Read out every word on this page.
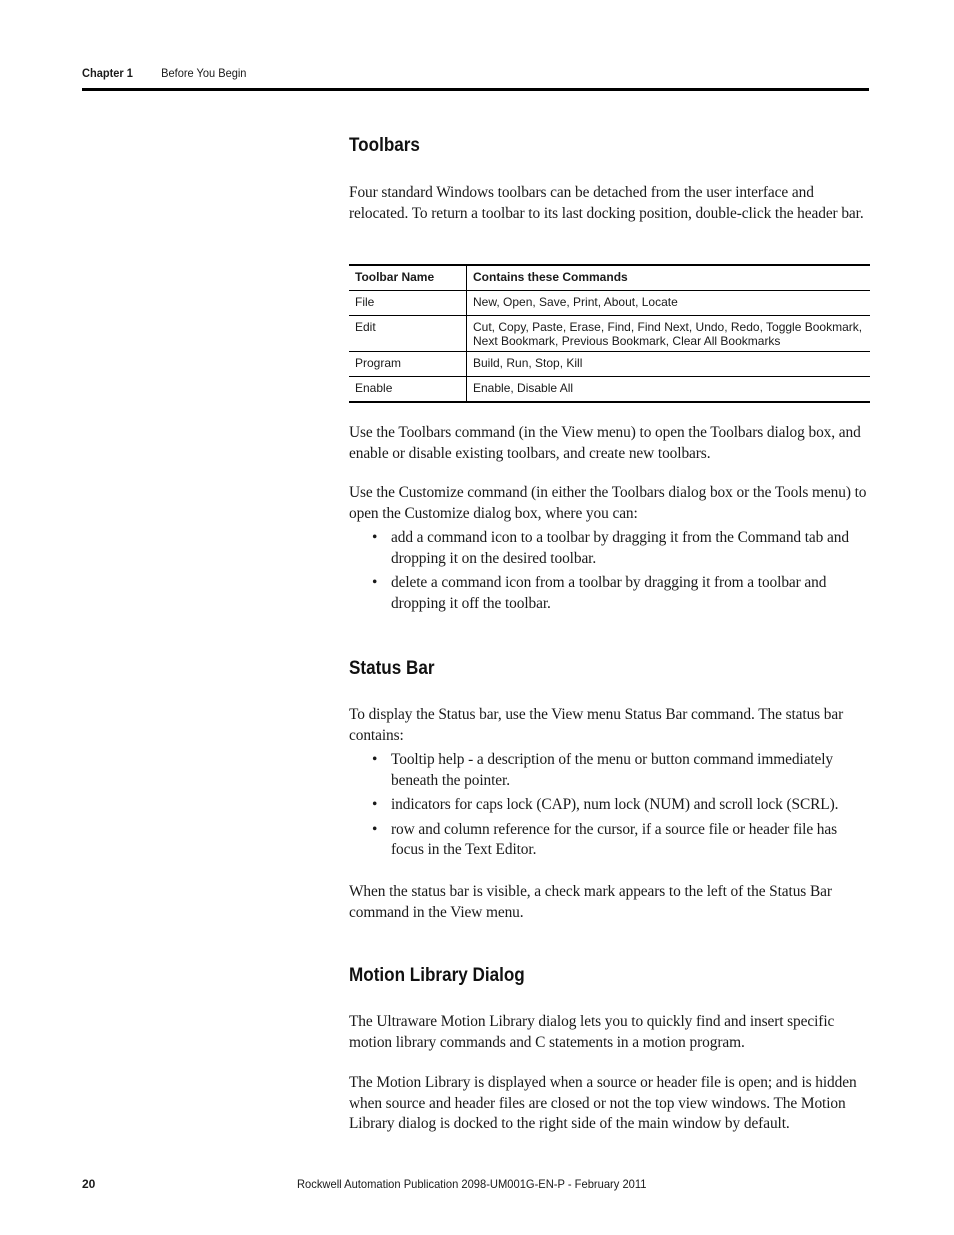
Chapter 1 Before You Begin
Toolbars

Four standard Windows toolbars can be detached from the user interface and relocated. To return a toolbar to its last docking position, double-click the header bar.

Use the Toolbars command (in the View menu) to open the Toolbars dialog box, and enable or disable existing toolbars, and create new toolbars.

Use the Customize command (in either the Toolbars dialog box or the Tools menu) to open the Customize dialog box, where you can:

• add a command icon to a toolbar by dragging it from the Command tab and dropping it on the desired toolbar.
• delete a command icon from a toolbar by dragging it from a toolbar and dropping it off the toolbar.
Status Bar

To display the Status bar, use the View menu Status Bar command. The status bar contains:

• Tooltip help - a description of the menu or button command immediately beneath the pointer.
• indicators for caps lock (CAP), num lock (NUM) and scroll lock (SCRL).
• row and column reference for the cursor, if a source file or header file has focus in the Text Editor.

When the status bar is visible, a check mark appears to the left of the Status Bar command in the View menu.

Motion Library Dialog

The Ultraware Motion Library dialog lets you to quickly find and insert specific motion library commands and C statements in a motion program.

The Motion Library is displayed when a source or header file is open; and is hidden when source and header files are closed or not the top view windows. The Motion Library dialog is docked to the right side of the main window by default.

Toolbar Name	Contains these Commands
File	New, Open, Save, Print, About, Locate
Edit	Cut, Copy, Paste, Erase, Find, Find Next, Undo, Redo, Toggle Bookmark, Next Bookmark, Previous Bookmark, Clear All Bookmarks
Program	Build, Run, Stop, Kill
Enable	Enable, Disable All
20	Rockwell Automation Publication 2098-UM001G-EN-P - February 2011
